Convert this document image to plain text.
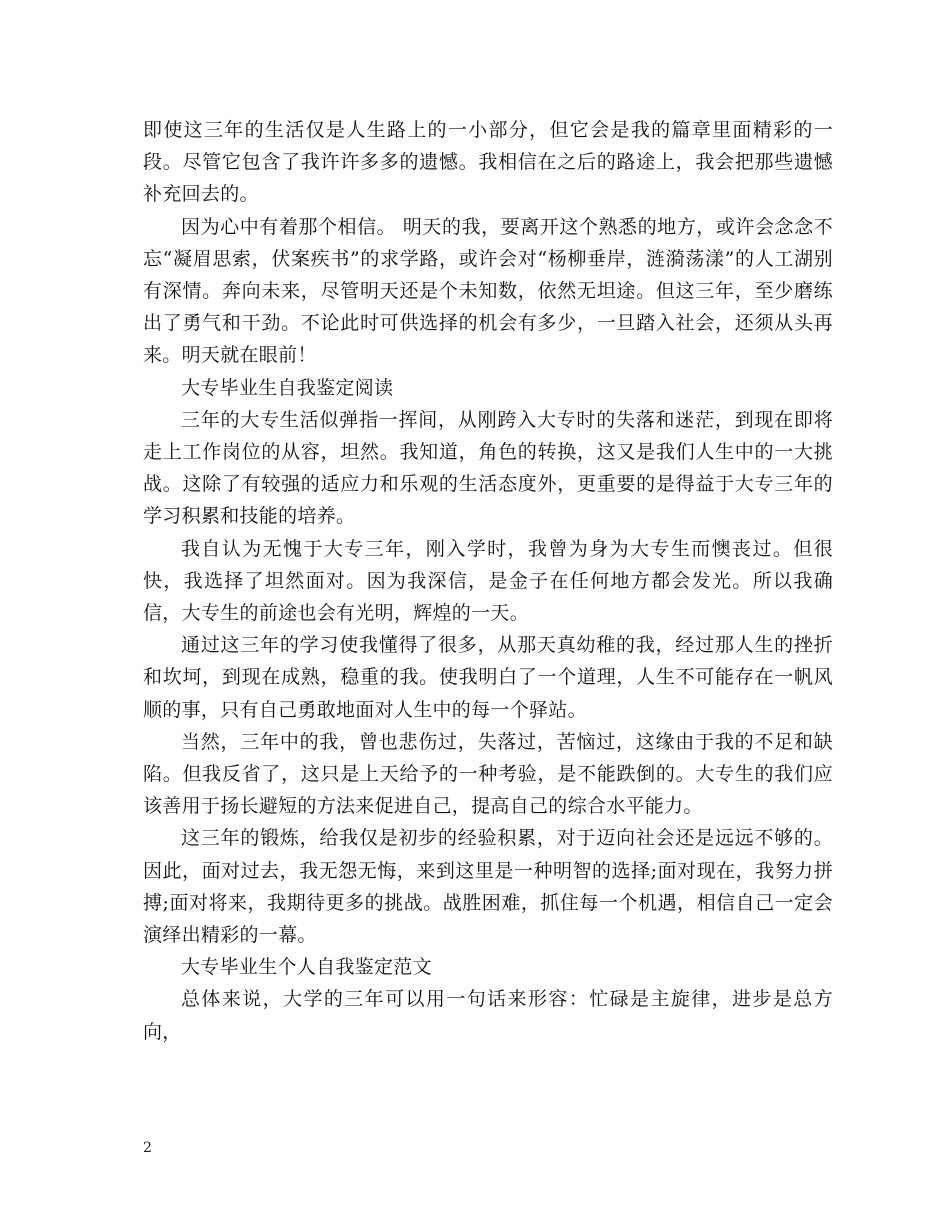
即使这三年的生活仅是人生路上的一小部分，但它会是我的篇章里面精彩的一段。尽管它包含了我许许多多的遗憾。我相信在之后的路途上，我会把那些遗憾补充回去的。

因为心中有着那个相信。 明天的我，要离开这个熟悉的地方，或许会念念不忘“凝眉思索，伏案疾书”的求学路，或许会对“杨柳垂岸，涟漪荡漾”的人工湖别有深情。奔向未来，尽管明天还是个未知数，依然无坦途。但这三年，至少磨练出了勇气和干劲。不论此时可供选择的机会有多少，一旦踏入社会，还须从头再来。明天就在眼前！

大专毕业生自我鉴定阅读

三年的大专生活似弹指一挥间，从刚跨入大专时的失落和迷茫，到现在即将走上工作岗位的从容，坦然。我知道，角色的转换，这又是我们人生中的一大挑战。这除了有较强的适应力和乐观的生活态度外，更重要的是得益于大专三年的学习积累和技能的培养。

我自认为无愧于大专三年，刚入学时，我曾为身为大专生而懊丧过。但很快，我选择了坦然面对。因为我深信，是金子在任何地方都会发光。所以我确信，大专生的前途也会有光明，辉煌的一天。

通过这三年的学习使我懂得了很多，从那天真幼稚的我，经过那人生的挫折和坎坷，到现在成熟，稳重的我。使我明白了一个道理，人生不可能存在一帆风顺的事，只有自己勇敢地面对人生中的每一个驿站。

当然，三年中的我，曾也悲伤过，失落过，苦恼过，这缘由于我的不足和缺陷。但我反省了，这只是上天给予的一种考验，是不能跌倒的。大专生的我们应该善用于扬长避短的方法来促进自己，提高自己的综合水平能力。

这三年的锻炼，给我仅是初步的经验积累，对于迈向社会还是远远不够的。因此，面对过去，我无怨无悔，来到这里是一种明智的选择;面对现在，我努力拼搏;面对将来，我期待更多的挑战。战胜困难，抓住每一个机遇，相信自己一定会演绎出精彩的一幕。

大专毕业生个人自我鉴定范文

总体来说，大学的三年可以用一句话来形容：忙碌是主旋律，进步是总方向，

2
